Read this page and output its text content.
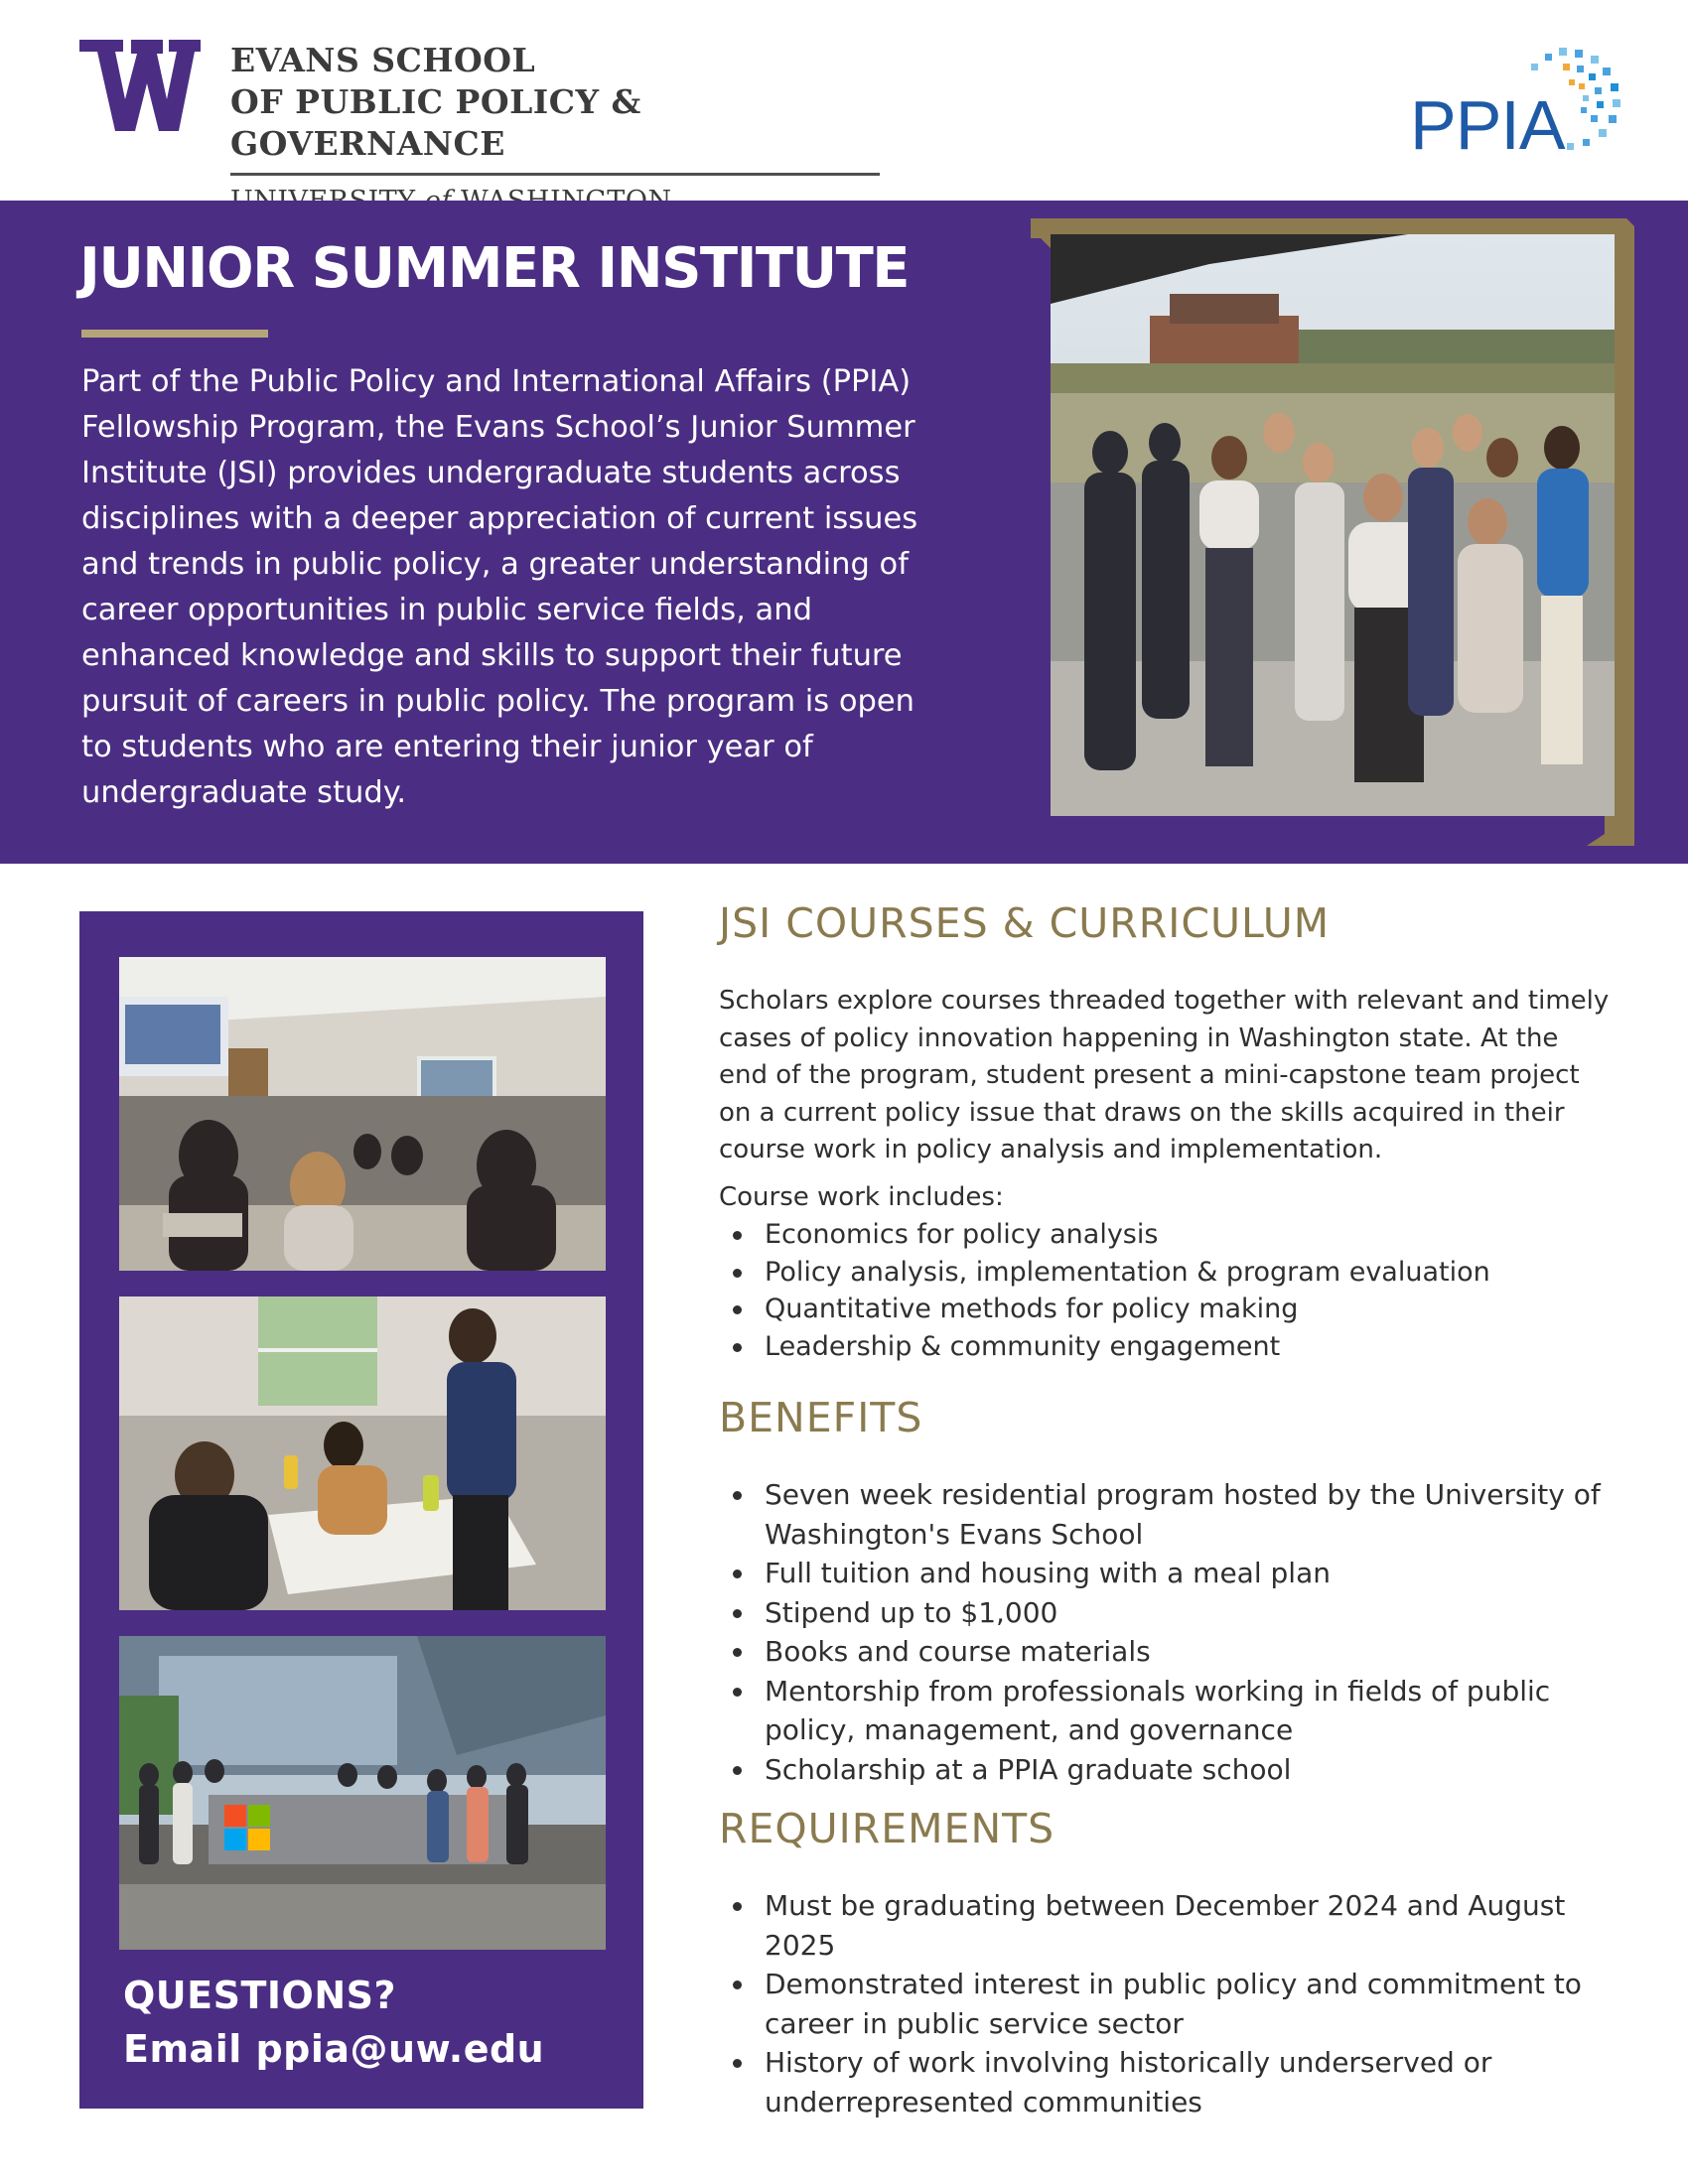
EVANS SCHOOL
OF PUBLIC POLICY & GOVERNANCE	PPIA
JUNIOR SUMMER INSTITUTE

Part of the Public Policy and International Affairs (PPIA) Fellowship Program, the Evans School’s Junior Summer Institute (JSI) provides undergraduate students across disciplines with a deeper appreciation of current issues and trends in public policy, a greater understanding of career opportunities in public service fields, and enhanced knowledge and skills to support their future pursuit of careers in public policy. The program is open to students who are entering their junior year of undergraduate study.

QUESTIONS?
Email ppia@uw.edu
JSI COURSES & CURRICULUM

Scholars explore courses threaded together with relevant and timely cases of policy innovation happening in Washington state. At the end of the program, student present a mini-capstone team project on a current policy issue that draws on the skills acquired in their course work in policy analysis and implementation.

Course work includes:

Economics for policy analysis
Policy analysis, implementation & program evaluation
Quantitative methods for policy making
Leadership & community engagement
BENEFITS
Seven week residential program hosted by the University of Washington's Evans School
Full tuition and housing with a meal plan
Stipend up to $1,000
Books and course materials
Mentorship from professionals working in fields of public policy, management, and governance
Scholarship at a PPIA graduate school
REQUIREMENTS
Must be graduating between December 2024 and August 2025
Demonstrated interest in public policy and commitment to career in public service sector
History of work involving historically underserved or underrepresented communities
